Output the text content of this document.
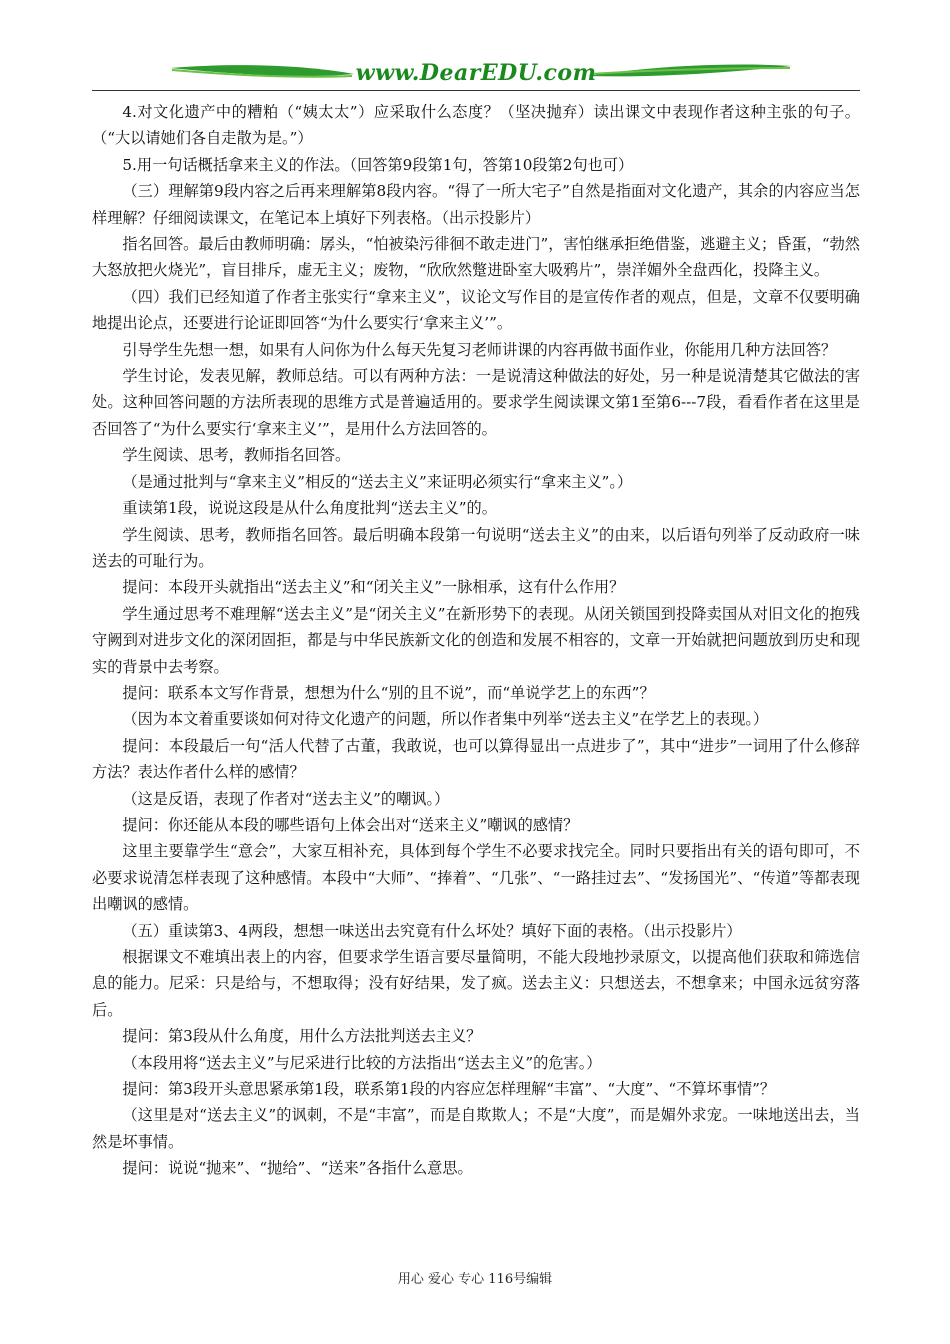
www.DearEDU.com

4.对文化遗产中的糟粕（“姨太太”）应采取什么态度？（坚决抛弃）读出课文中表现作者这种主张的句子。（“大以请她们各自走散为是。”）

5.用一句话概括拿来主义的作法。（回答第9段第1句，答第10段第2句也可）

（三）理解第9段内容之后再来理解第8段内容。“得了一所大宅子”自然是指面对文化遗产，其余的内容应当怎样理解？仔细阅读课文，在笔记本上填好下列表格。（出示投影片）

指名回答。最后由教师明确：孱头，“怕被染污徘徊不敢走进门”，害怕继承拒绝借鉴，逃避主义；昏蛋，“勃然大怒放把火烧光”，盲目排斥，虚无主义；废物，“欣欣然蹩进卧室大吸鸦片”，崇洋媚外全盘西化，投降主义。

（四）我们已经知道了作者主张实行“拿来主义”，议论文写作目的是宣传作者的观点，但是，文章不仅要明确地提出论点，还要进行论证即回答“为什么要实行‘拿来主义’”。

引导学生先想一想，如果有人问你为什么每天先复习老师讲课的内容再做书面作业，你能用几种方法回答？

学生讨论，发表见解，教师总结。可以有两种方法：一是说清这种做法的好处，另一种是说清楚其它做法的害处。这种回答问题的方法所表现的思维方式是普遍适用的。要求学生阅读课文第1至第6---7段，看看作者在这里是否回答了“为什么要实行‘拿来主义’”，是用什么方法回答的。

学生阅读、思考，教师指名回答。

（是通过批判与“拿来主义”相反的“送去主义”来证明必须实行“拿来主义”。）

重读第1段，说说这段是从什么角度批判“送去主义”的。

学生阅读、思考，教师指名回答。最后明确本段第一句说明“送去主义”的由来，以后语句列举了反动政府一味送去的可耻行为。

提问：本段开头就指出“送去主义”和“闭关主义”一脉相承，这有什么作用？

学生通过思考不难理解“送去主义”是“闭关主义”在新形势下的表现。从闭关锁国到投降卖国从对旧文化的抱残守阙到对进步文化的深闭固拒，都是与中华民族新文化的创造和发展不相容的，文章一开始就把问题放到历史和现实的背景中去考察。

提问：联系本文写作背景，想想为什么“别的且不说”，而“单说学艺上的东西”？

（因为本文着重要谈如何对待文化遗产的问题，所以作者集中列举“送去主义”在学艺上的表现。）

提问：本段最后一句“活人代替了古董，我敢说，也可以算得显出一点进步了”，其中“进步”一词用了什么修辞方法？表达作者什么样的感情？

（这是反语，表现了作者对“送去主义”的嘲讽。）

提问：你还能从本段的哪些语句上体会出对“送来主义”嘲讽的感情？

这里主要靠学生“意会”，大家互相补充，具体到每个学生不必要求找完全。同时只要指出有关的语句即可，不必要求说清怎样表现了这种感情。本段中“大师”、“捧着”、“几张”、“一路挂过去”、“发扬国光”、“传道”等都表现出嘲讽的感情。

（五）重读第3、4两段，想想一味送出去究竟有什么坏处？填好下面的表格。（出示投影片）

根据课文不难填出表上的内容，但要求学生语言要尽量简明，不能大段地抄录原文，以提高他们获取和筛选信息的能力。尼采：只是给与，不想取得；没有好结果，发了疯。送去主义：只想送去，不想拿来；中国永远贫穷落后。

提问：第3段从什么角度，用什么方法批判送去主义？

（本段用将“送去主义”与尼采进行比较的方法指出“送去主义”的危害。）

提问：第3段开头意思紧承第1段，联系第1段的内容应怎样理解“丰富”、“大度”、“不算坏事情”？

（这里是对“送去主义”的讽刺，不是“丰富”，而是自欺欺人；不是“大度”，而是媚外求宠。一味地送出去，当然是坏事情。

提问：说说“抛来”、“抛给”、“送来”各指什么意思。

用心 爱心 专心 116号编辑
